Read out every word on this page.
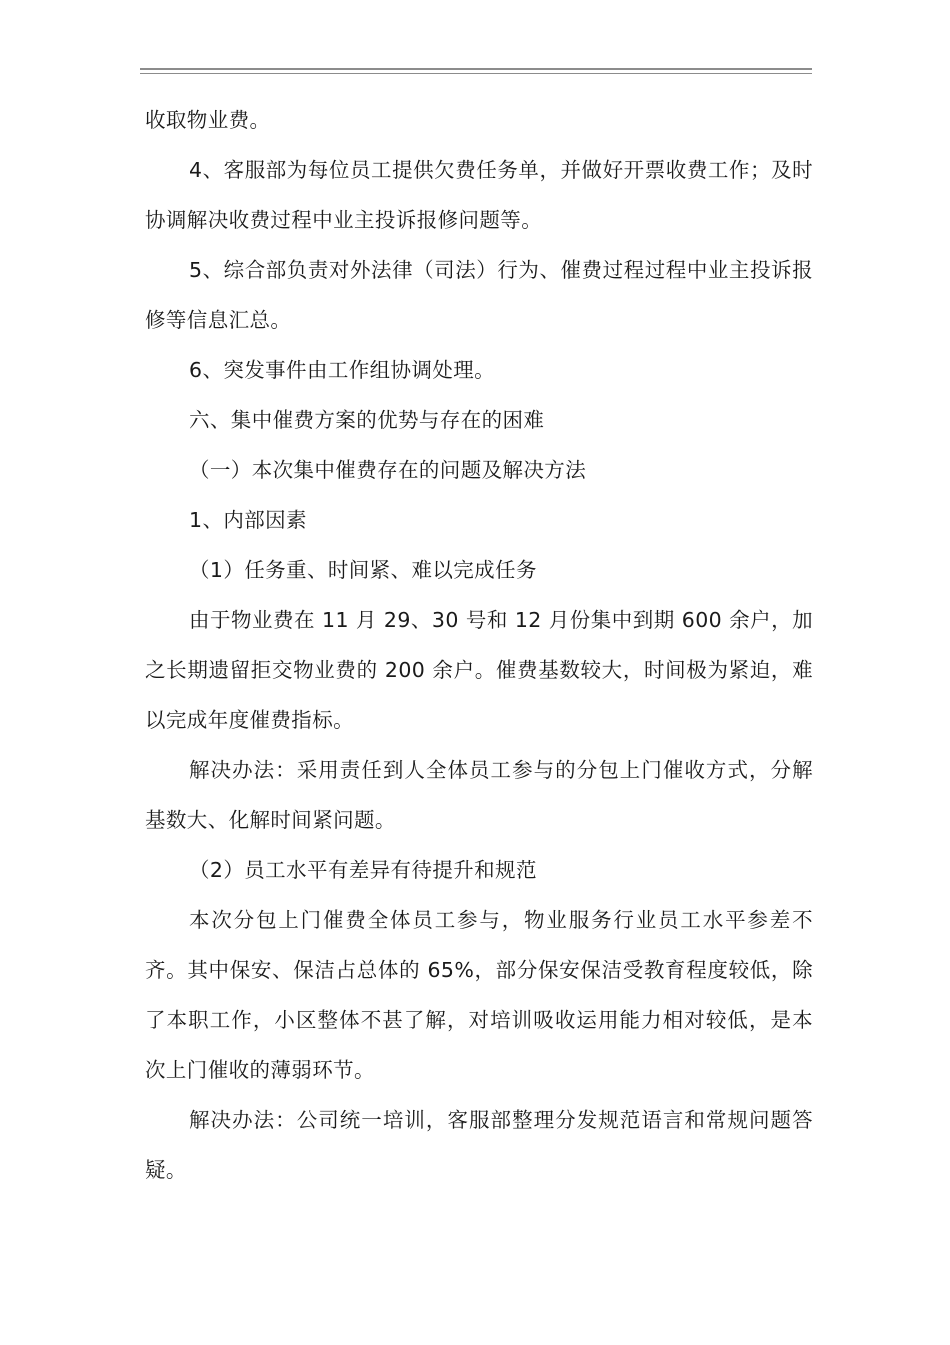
收取物业费。

4、客服部为每位员工提供欠费任务单，并做好开票收费工作；及时协调解决收费过程中业主投诉报修问题等。

5、综合部负责对外法律（司法）行为、催费过程过程中业主投诉报修等信息汇总。

6、突发事件由工作组协调处理。

六、集中催费方案的优势与存在的困难

（一）本次集中催费存在的问题及解决方法

1、内部因素

（1）任务重、时间紧、难以完成任务

由于物业费在 11 月 29、30 号和 12 月份集中到期 600 余户，加之长期遗留拒交物业费的 200 余户。催费基数较大，时间极为紧迫，难以完成年度催费指标。

解决办法：采用责任到人全体员工参与的分包上门催收方式，分解基数大、化解时间紧问题。

（2）员工水平有差异有待提升和规范

本次分包上门催费全体员工参与，物业服务行业员工水平参差不齐。其中保安、保洁占总体的 65%，部分保安保洁受教育程度较低，除了本职工作，小区整体不甚了解，对培训吸收运用能力相对较低，是本次上门催收的薄弱环节。

解决办法：公司统一培训，客服部整理分发规范语言和常规问题答疑。
